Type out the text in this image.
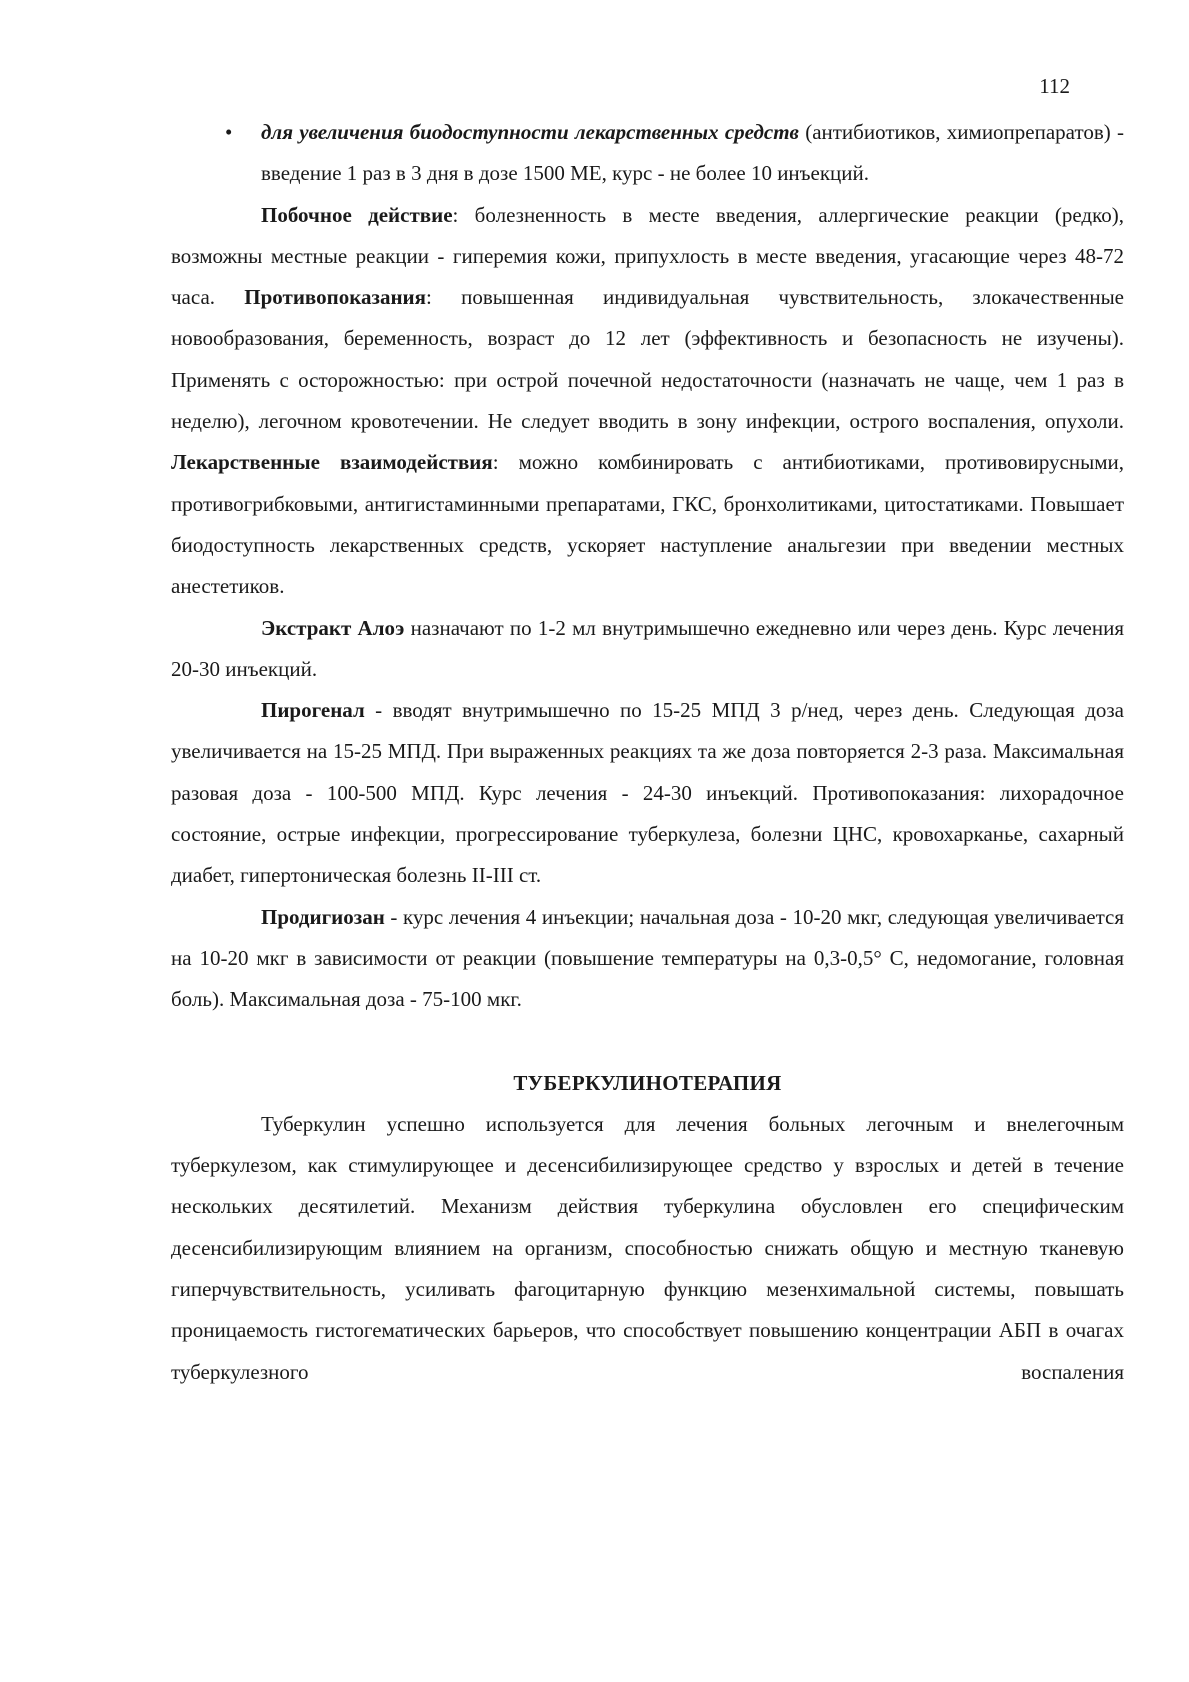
112
• для увеличения биодоступности лекарственных средств (антибиотиков, химиопрепаратов) - введение 1 раз в 3 дня в дозе 1500 МЕ, курс - не более 10 инъекций.

Побочное действие: болезненность в месте введения, аллергические реакции (редко), возможны местные реакции - гиперемия кожи, припухлость в месте введения, угасающие через 48-72 часа. Противопоказания: повышенная индивидуальная чувствительность, злокачественные новообразования, беременность, возраст до 12 лет (эффективность и безопасность не изучены). Применять с осторожностью: при острой почечной недостаточности (назначать не чаще, чем 1 раз в неделю), легочном кровотечении. Не следует вводить в зону инфекции, острого воспаления, опухоли. Лекарственные взаимодействия: можно комбинировать с антибиотиками, противовирусными, противогрибковыми, антигистаминными препаратами, ГКС, бронхолитиками, цитостатиками. Повышает биодоступность лекарственных средств, ускоряет наступление анальгезии при введении местных анестетиков.

Экстракт Алоэ назначают по 1-2 мл внутримышечно ежедневно или через день. Курс лечения 20-30 инъекций.

Пирогенал - вводят внутримышечно по 15-25 МПД 3 р/нед, через день. Следующая доза увеличивается на 15-25 МПД. При выраженных реакциях та же доза повторяется 2-3 раза. Максимальная разовая доза - 100-500 МПД. Курс лечения - 24-30 инъекций. Противопоказания: лихорадочное состояние, острые инфекции, прогрессирование туберкулеза, болезни ЦНС, кровохарканье, сахарный диабет, гипертоническая болезнь II-III ст.

Продигиозан - курс лечения 4 инъекции; начальная доза - 10-20 мкг, следующая увеличивается на 10-20 мкг в зависимости от реакции (повышение температуры на 0,3-0,5° С, недомогание, головная боль). Максимальная доза - 75-100 мкг.

ТУБЕРКУЛИНОТЕРАПИЯ

Туберкулин успешно используется для лечения больных легочным и внелегочным туберкулезом, как стимулирующее и десенсибилизирующее средство у взрослых и детей в течение нескольких десятилетий. Механизм действия туберкулина обусловлен его специфическим десенсибилизирующим влиянием на организм, способностью снижать общую и местную тканевую гиперчувствительность, усиливать фагоцитарную функцию мезенхимальной системы, повышать проницаемость гистогематических барьеров, что способствует повышению концентрации АБП в очагах туберкулезного воспаления
